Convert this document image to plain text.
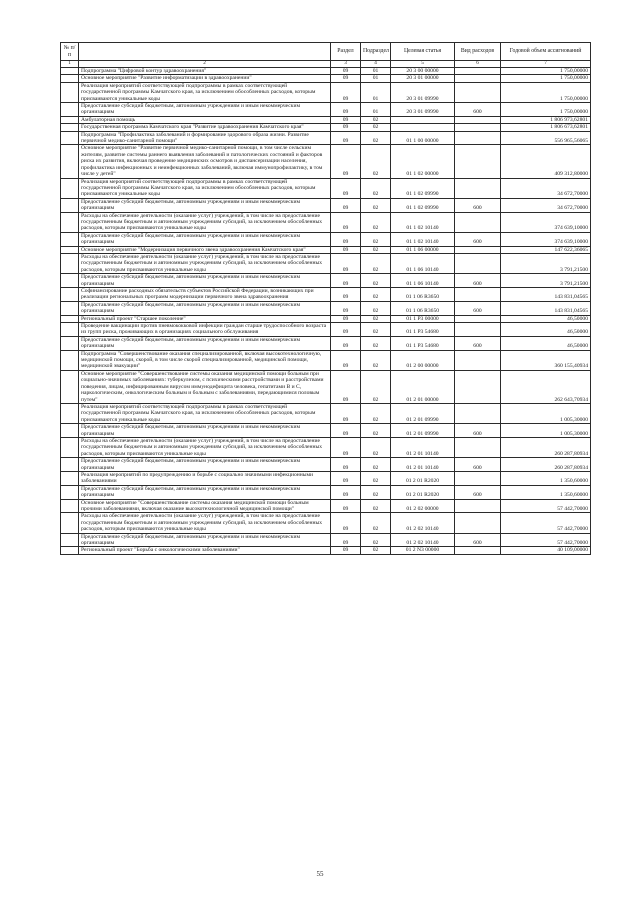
№ п/п		Раздел	Подраздел	Целевая статья	Вид расходов	Годовой объем ассигнований
1	2	3	4	5	6	7
	Подпрограмма "Цифровой контур здравоохранения"	09	01	20 3 00 00000		1 750,00000
	Основное мероприятие "Развитие информатизации в здравоохранении"	09	01	20 3 01 00000		1 750,00000
	Реализация мероприятий соответствующей подпрограммы в рамках соответствующей государственной программы Камчатского края, за исключением обособленных расходов, которым присваиваются уникальные коды	09	01	20 3 01 09990		1 750,00000
	Предоставление субсидий бюджетным, автономным учреждениям и иным некоммерческим организациям	09	01	20 3 01 09990	600	1 750,00000
	Амбулаторная помощь	09	02			1 806 973,62801
	Государственная программа Камчатского края "Развитие здравоохранения Камчатского края"	09	02			1 806 673,62801
	Подпрограмма "Профилактика заболеваний и формирование здорового образа жизни. Развитие первичной медико-санитарной помощи"	09	02	01 1 00 00000		556 965,56065
	Основное мероприятие "Развитие первичной медико-санитарной помощи, в том числе сельским жителям, развитие системы раннего выявления заболеваний и патологических состояний и факторов риска их развития, включая проведение медицинских осмотров и диспансеризации населения, профилактика инфекционных и неинфекционных заболеваний, включая иммунопрофилактику, в том числе у детей"	09	02	01 1 02 00000		409 312,80000
	Реализация мероприятий соответствующей подпрограммы в рамках соответствующей государственной программы Камчатского края, за исключением обособленных расходов, которым присваиваются уникальные коды	09	02	01 1 02 09990		34 672,70000
	Предоставление субсидий бюджетным, автономным учреждениям и иным некоммерческим организациям	09	02	01 1 02 09990	600	34 672,70000
	Расходы на обеспечение деятельности (оказание услуг) учреждений, в том числе на предоставление государственным бюджетным и автономным учреждениям субсидий, за исключением обособленных расходов, которым присваиваются уникальные коды	09	02	01 1 02 10140		374 639,10000
	Предоставление субсидий бюджетным, автономным учреждениям и иным некоммерческим организациям	09	02	01 1 02 10140	600	374 639,10000
	Основное мероприятие "Модернизация первичного звена здравоохранения Камчатского края"	09	02	01 1 06 00000		147 622,36065
	Расходы на обеспечение деятельности (оказание услуг) учреждений, в том числе на предоставление государственным бюджетным и автономным учреждениям субсидий, за исключением обособленных расходов, которым присваиваются уникальные коды	09	02	01 1 06 10140		3 791,21500
	Предоставление субсидий бюджетным, автономным учреждениям и иным некоммерческим организациям	09	02	01 1 06 10140	600	3 791,21500
	Софинансирование расходных обязательств субъектов Российской Федерации, возникающих при реализации региональных программ модернизации первичного звена здравоохранения	09	02	01 1 06 R3650		143 831,04565
	Предоставление субсидий бюджетным, автономным учреждениям и иным некоммерческим организациям	09	02	01 1 06 R3650	600	143 831,04565
	Региональный проект "Старшее поколение"	09	02	01 1 P3 00000		46,50000
	Проведение вакцинации против пневмококковой инфекции граждан старше трудоспособного возраста из групп риска, проживающих в организациях социального обслуживания	09	02	01 1 P3 54680		46,50000
	Предоставление субсидий бюджетным, автономным учреждениям и иным некоммерческим организациям	09	02	01 1 P3 54680	600	46,50000
	Подпрограмма "Совершенствование оказания специализированной, включая высокотехнологичную, медицинской помощи, скорой, в том числе скорой специализированной, медицинской помощи, медицинской эвакуации"	09	02	01 2 00 00000		360 155,40934
	Основное мероприятие "Совершенствование системы оказания медицинской помощи больным при социально-значимых заболеваниях: туберкулезом, с психическими расстройствами и расстройствами поведения, лицам, инфицированным вирусом иммунодефицита человека, гепатитами В и С, наркологическим, онкологическим больным и больным с заболеваниями, передающимися половым путем"	09	02	01 2 01 00000		262 643,70934
	Реализация мероприятий соответствующей подпрограммы в рамках соответствующей государственной программы Камчатского края, за исключением обособленных расходов, которым присваиваются уникальные коды	09	02	01 2 01 09990		1 005,30000
	Предоставление субсидий бюджетным, автономным учреждениям и иным некоммерческим организациям	09	02	01 2 01 09990	600	1 005,30000
	Расходы на обеспечение деятельности (оказание услуг) учреждений, в том числе на предоставление государственным бюджетным и автономным учреждениям субсидий, за исключением обособленных расходов, которым присваиваются уникальные коды	09	02	01 2 01 10140		260 287,80934
	Предоставление субсидий бюджетным, автономным учреждениям и иным некоммерческим организациям	09	02	01 2 01 10140	600	260 287,80934
	Реализация мероприятий по предупреждению и борьбе с социально значимыми инфекционными заболеваниями	09	02	01 2 01 R2020		1 350,60000
	Предоставление субсидий бюджетным, автономным учреждениям и иным некоммерческим организациям	09	02	01 2 01 R2020	600	1 350,60000
	Основное мероприятие "Совершенствование системы оказания медицинской помощи больным прочими заболеваниями, включая оказание высокотехнологичной медицинской помощи"	09	02	01 2 02 00000		57 442,70000
	Расходы на обеспечение деятельности (оказание услуг) учреждений, в том числе на предоставление государственным бюджетным и автономным учреждениям субсидий, за исключением обособленных расходов, которым присваиваются уникальные коды	09	02	01 2 02 10140		57 442,70000
	Предоставление субсидий бюджетным, автономным учреждениям и иным некоммерческим организациям	09	02	01 2 02 10140	600	57 442,70000
	Региональный проект "Борьба с онкологическими заболеваниями"	09	02	01 2 N3 00000		40 109,00000
55
